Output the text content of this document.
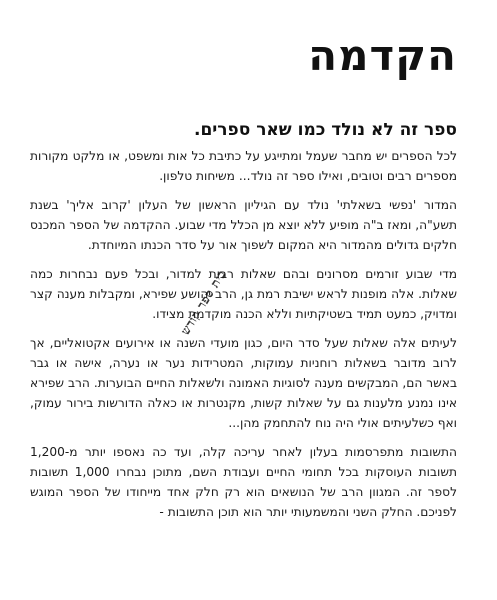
הקדמה
ספר זה לא נולד כמו שאר ספרים.

לכל הספרים יש מחבר שעמל ומתייגע על כתיבת כל אות ומשפט, או מלקט מקורות מספרים רבים וטובים, ואילו ספר זה נולד... משיחות טלפון.

המדור 'נפשי בשאלתי' נולד עם הגיליון הראשון של העלון 'קרוב אליך' בשנת תשע"ה, ומאז ב"ה מופיע ללא יוצא מן הכלל מדי שבוע. ההקדמה של הספר המכנס חלקים גדולים מהמדור היא המקום לשפוך אור על סדר הכנתו המיוחדת.

מדי שבוע זורמים מסרונים ובהם שאלות רבות למדור, ובכל פעם נבחרות כמה שאלות. אלה מופנות לראש ישיבת רמת גן, הרב יהושע שפירא, ומקבלות מענה קצר ומדויק, כמעט תמיד בשטיקתיות וללא הכנה מוקדמת מצידו.

לעיתים אלה שאלות שעל סדר היום, כגון מועדי השנה או אירועים אקטואליים, אך לרוב מדובר בשאלות רוחניות עמוקות, המטרידות נער או נערה, אישה או גבר באשר הם, המבקשים מענה לסוגיות האמונה ולשאלות החיים הבוערות. הרב שפירא אינו נמנע מלענות גם על שאלות קשות, מקנטרות או כאלה הדורשות בירור עמוק, ואף כשלעיתים אולי היה נוח להתחמק מהן...

התשובות מתפרסמות בעלון לאחר עריכה קלה, ועד כה נאספו יותר מ-1,200 תשובות העוסקות בכל תחומי החיים ועבודת השם, מתוכן נבחרו 1,000 תשובות לספר זה. המגוון הרב של הנושאים הוא רק חלק אחד מייחודו של הספר המוגש לפניכם. החלק השני והמשמעותי יותר הוא תוכן התשובות -

בית ספר קודש
